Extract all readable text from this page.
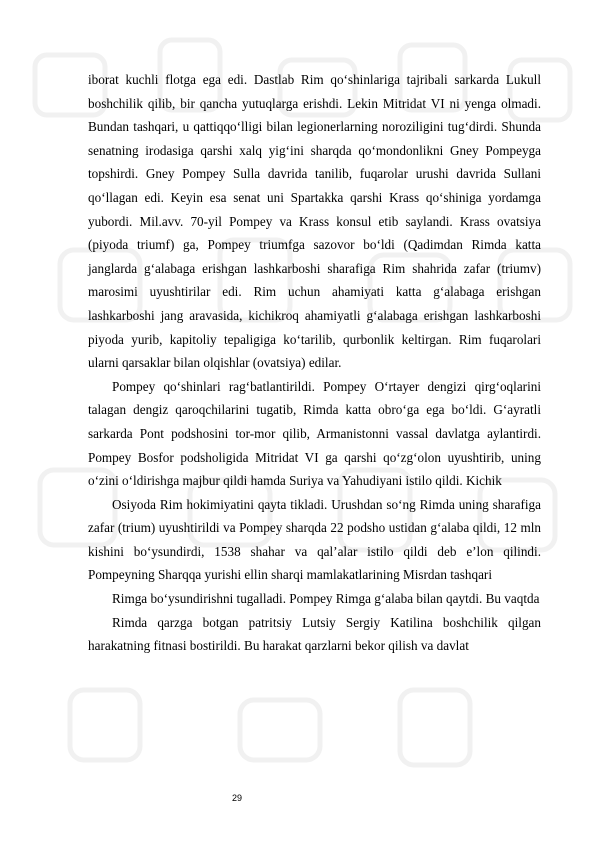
iborat kuchli flotga ega edi. Dastlab Rim qo‘shinlariga tajribali sarkarda Lukull boshchilik qilib, bir qancha yutuqlarga erishdi. Lekin Mitridat VI ni yenga olmadi. Bundan tashqari, u qattiqqo‘lligi bilan legionerlarning noroziligini tug‘dirdi. Shunda senatning irodasiga qarshi xalq yig‘ini sharqda qo‘mondonlikni Gney Pompeyga topshirdi. Gney Pompey Sulla davrida tanilib, fuqarolar urushi davrida Sullani qo‘llagan edi. Keyin esa senat uni Spartakka qarshi Krass qo‘shiniga yordamga yubordi. Mil.avv. 70-yil Pompey va Krass konsul etib saylandi. Krass ovatsiya (piyoda triumf) ga, Pompey triumfga sazovor bo‘ldi (Qadimdan Rimda katta janglarda g‘alabaga erishgan lashkarboshi sharafiga Rim shahrida zafar (triumv) marosimi uyushtirilar edi. Rim uchun ahamiyati katta g‘alabaga erishgan lashkarboshi jang aravasida, kichikroq ahamiyatli g‘alabaga erishgan lashkarboshi piyoda yurib, kapitoliy tepaligiga ko‘tarilib, qurbonlik keltirgan. Rim fuqarolari ularni qarsaklar bilan olqishlar (ovatsiya) edilar.

Pompey qo‘shinlari rag‘batlantirildi. Pompey O‘rtayer dengizi qirg‘oqlarini talagan dengiz qaroqchilarini tugatib, Rimda katta obro‘ga ega bo‘ldi. G‘ayratli sarkarda Pont podshosini tor-mor qilib, Armanistonni vassal davlatga aylantirdi. Pompey Bosfor podsholigida Mitridat VI ga qarshi qo‘zg‘olon uyushtirib, uning o‘zini o‘ldirishga majbur qildi hamda Suriya va Yahudiyani istilo qildi. Kichik

Osiyoda Rim hokimiyatini qayta tikladi. Urushdan so‘ng Rimda uning sharafiga zafar (trium) uyushtirildi va Pompey sharqda 22 podsho ustidan g‘alaba qildi, 12 mln kishini bo‘ysundirdi, 1538 shahar va qal’alar istilo qildi deb e’lon qilindi. Pompeyning Sharqqa yurishi ellin sharqi mamlakatlarining Misrdan tashqari

Rimga bo‘ysundirishni tugalladi. Pompey Rimga g‘alaba bilan qaytdi. Bu vaqtda

Rimda qarzga botgan patritsiy Lutsiy Sergiy Katilina boshchilik qilgan harakatning fitnasi bostirildi. Bu harakat qarzlarni bekor qilish va davlat

29
